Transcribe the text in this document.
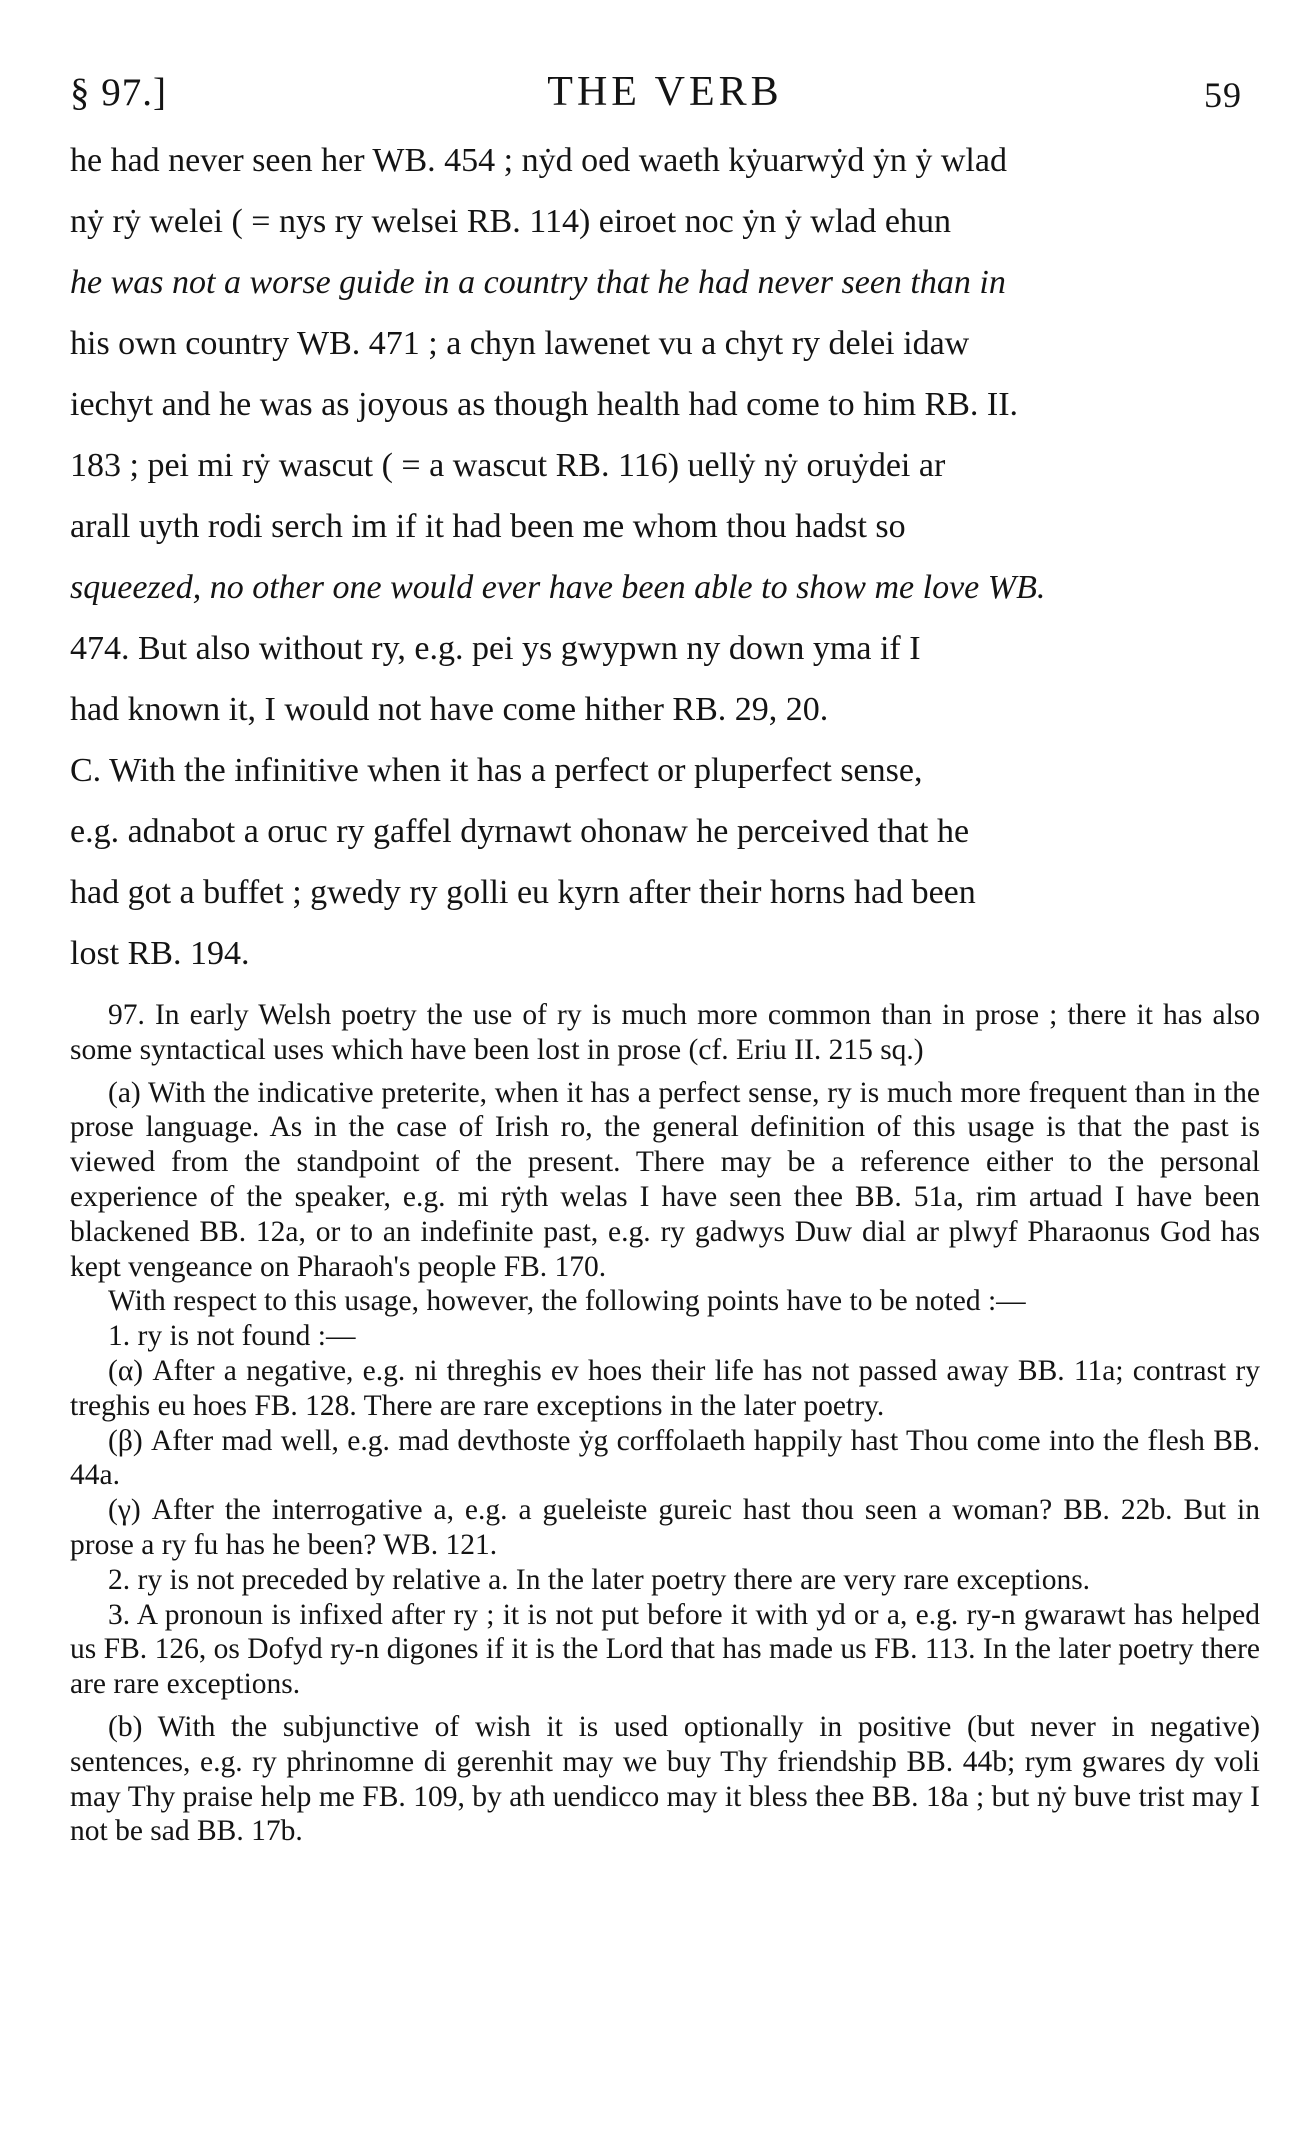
§ 97.]	THE VERB	59

he had never seen her WB. 454 ; nẏd oed waeth kẏuarwẏd ẏn ẏ wlad

nẏ rẏ welei ( = nys ry welsei RB. 114) eiroet noc ẏn ẏ wlad ehun

he was not a worse guide in a country that he had never seen than in

his own country WB. 471 ; a chyn lawenet vu a chyt ry delei idaw

iechyt and he was as joyous as though health had come to him RB. II.

183 ; pei mi rẏ wascut ( = a wascut RB. 116) uellẏ nẏ oruẏdei ar

arall uyth rodi serch im if it had been me whom thou hadst so

squeezed, no other one would ever have been able to show me love WB.

474. But also without ry, e.g. pei ys gwypwn ny down yma if I

had known it, I would not have come hither RB. 29, 20.

C. With the infinitive when it has a perfect or pluperfect sense,

e.g. adnabot a oruc ry gaffel dyrnawt ohonaw he perceived that he

had got a buffet ; gwedy ry golli eu kyrn after their horns had been

lost RB. 194.

97. In early Welsh poetry the use of ry is much more common than in prose ; there it has also some syntactical uses which have been lost in prose (cf. Eriu II. 215 sq.)

(a) With the indicative preterite, when it has a perfect sense, ry is much more frequent than in the prose language. As in the case of Irish ro, the general definition of this usage is that the past is viewed from the standpoint of the present. There may be a reference either to the personal experience of the speaker, e.g. mi rẏth welas I have seen thee BB. 51a, rim artuad I have been blackened BB. 12a, or to an indefinite past, e.g. ry gadwys Duw dial ar plwyf Pharaonus God has kept vengeance on Pharaoh's people FB. 170.

With respect to this usage, however, the following points have to be noted :—

1. ry is not found :—

(α) After a negative, e.g. ni threghis ev hoes their life has not passed away BB. 11a; contrast ry treghis eu hoes FB. 128. There are rare exceptions in the later poetry.

(β) After mad well, e.g. mad devthoste ẏg corffolaeth happily hast Thou come into the flesh BB. 44a.

(γ) After the interrogative a, e.g. a gueleiste gureic hast thou seen a woman? BB. 22b. But in prose a ry fu has he been? WB. 121.

2. ry is not preceded by relative a. In the later poetry there are very rare exceptions.

3. A pronoun is infixed after ry ; it is not put before it with yd or a, e.g. ry-n gwarawt has helped us FB. 126, os Dofyd ry-n digones if it is the Lord that has made us FB. 113. In the later poetry there are rare exceptions.

(b) With the subjunctive of wish it is used optionally in positive (but never in negative) sentences, e.g. ry phrinomne di gerenhit may we buy Thy friendship BB. 44b; rym gwares dy voli may Thy praise help me FB. 109, by ath uendicco may it bless thee BB. 18a ; but nẏ buve trist may I not be sad BB. 17b.
